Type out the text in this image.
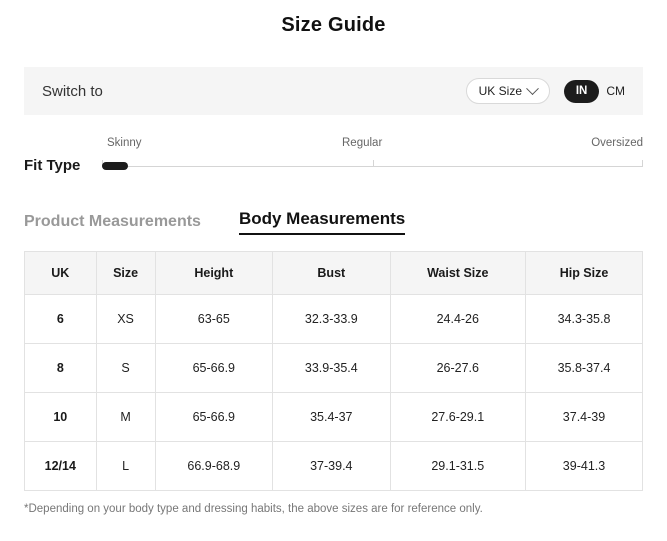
Size Guide
Switch to	UK Size	IN	CM
Skinny	Regular	Oversized
Fit Type
Product Measurements Body Measurements
UK	Size	Height	Bust	Waist Size	Hip Size
6	XS	63-65	32.3-33.9	24.4-26	34.3-35.8
8	S	65-66.9	33.9-35.4	26-27.6	35.8-37.4
10	M	65-66.9	35.4-37	27.6-29.1	37.4-39
12/14	L	66.9-68.9	37-39.4	29.1-31.5	39-41.3
*Depending on your body type and dressing habits, the above sizes are for reference only.
